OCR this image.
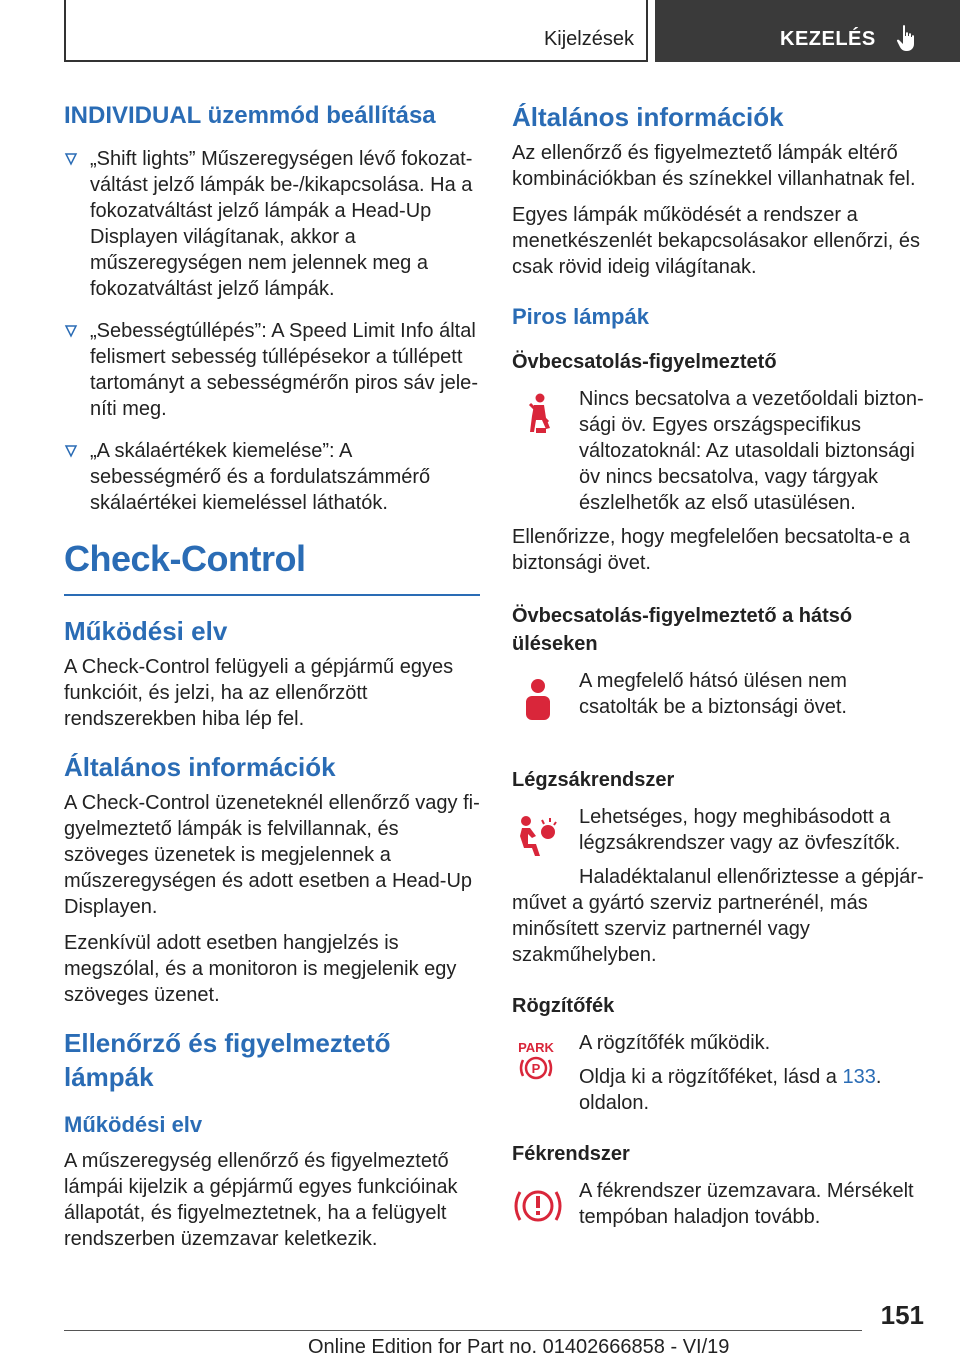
Kijelzések	KEZELÉS
INDIVIDUAL üzemmód beállítása
„Shift lights” Műszeregységen lévő fokozatváltást jelző lámpák be-/kikapcsolása. Ha a fokozatváltást jelző lámpák a Head-Up Displayen világítanak, akkor a műszeregységen nem jelennek meg a fokozatváltást jelző lámpák.
„Sebességtúllépés”: A Speed Limit Info által felismert sebesség túllépésekor a túllépett tartományt a sebességmérőn piros sáv jeleníti meg.
„A skálaértékek kiemelése”: A sebességmérő és a fordulatszámmérő skálaértékei kiemeléssel láthatók.
Check-Control
Működési elv

A Check-Control felügyeli a gépjármű egyes funkcióit, és jelzi, ha az ellenőrzött rendszerekben hiba lép fel.

Általános információk

A Check-Control üzeneteknél ellenőrző vagy figyelmeztető lámpák is felvillannak, és szöveges üzenetek is megjelennek a műszeregységen és adott esetben a Head-Up Displayen.

Ezenkívül adott esetben hangjelzés is megszólal, és a monitoron is megjelenik egy szöveges üzenet.

Ellenőrző és figyelmeztető lámpák
Működési elv

A műszeregység ellenőrző és figyelmeztető lámpái kijelzik a gépjármű egyes funkcióinak állapotát, és figyelmeztetnek, ha a felügyelt rendszerben üzemzavar keletkezik.

Általános információk

Az ellenőrző és figyelmeztető lámpák eltérő kombinációkban és színekkel villanhatnak fel.

Egyes lámpák működését a rendszer a menetkészenlét bekapcsolásakor ellenőrzi, és csak rövid ideig világítanak.

Piros lámpák
Övbecsatolás-figyelmeztető

Nincs becsatolva a vezetőoldali biztonsági öv. Egyes országspecifikus változatoknál: Az utasoldali biztonsági öv nincs becsatolva, vagy tárgyak észlelhetők az első utasülésen.

Ellenőrizze, hogy megfelelően becsatolta-e a biztonsági övet.

Övbecsatolás-figyelmeztető a hátsó üléseken

A megfelelő hátsó ülésen nem csatolták be a biztonsági övet.

Légzsákrendszer

Lehetséges, hogy meghibásodott a légzsákrendszer vagy az övfeszítők.

Haladéktalanul ellenőriztesse a gépjárművet a gyártó szerviz partnerénél, más minősített szerviz partnernél vagy szakműhelyben.

Rögzítőfék
PARK
P

A rögzítőfék működik.

Oldja ki a rögzítőféket, lásd a 133. oldalon.

Fékrendszer

A fékrendszer üzemzavara. Mérsékelt tempóban haladjon tovább.

151
Online Edition for Part no. 01402666858 - VI/19
